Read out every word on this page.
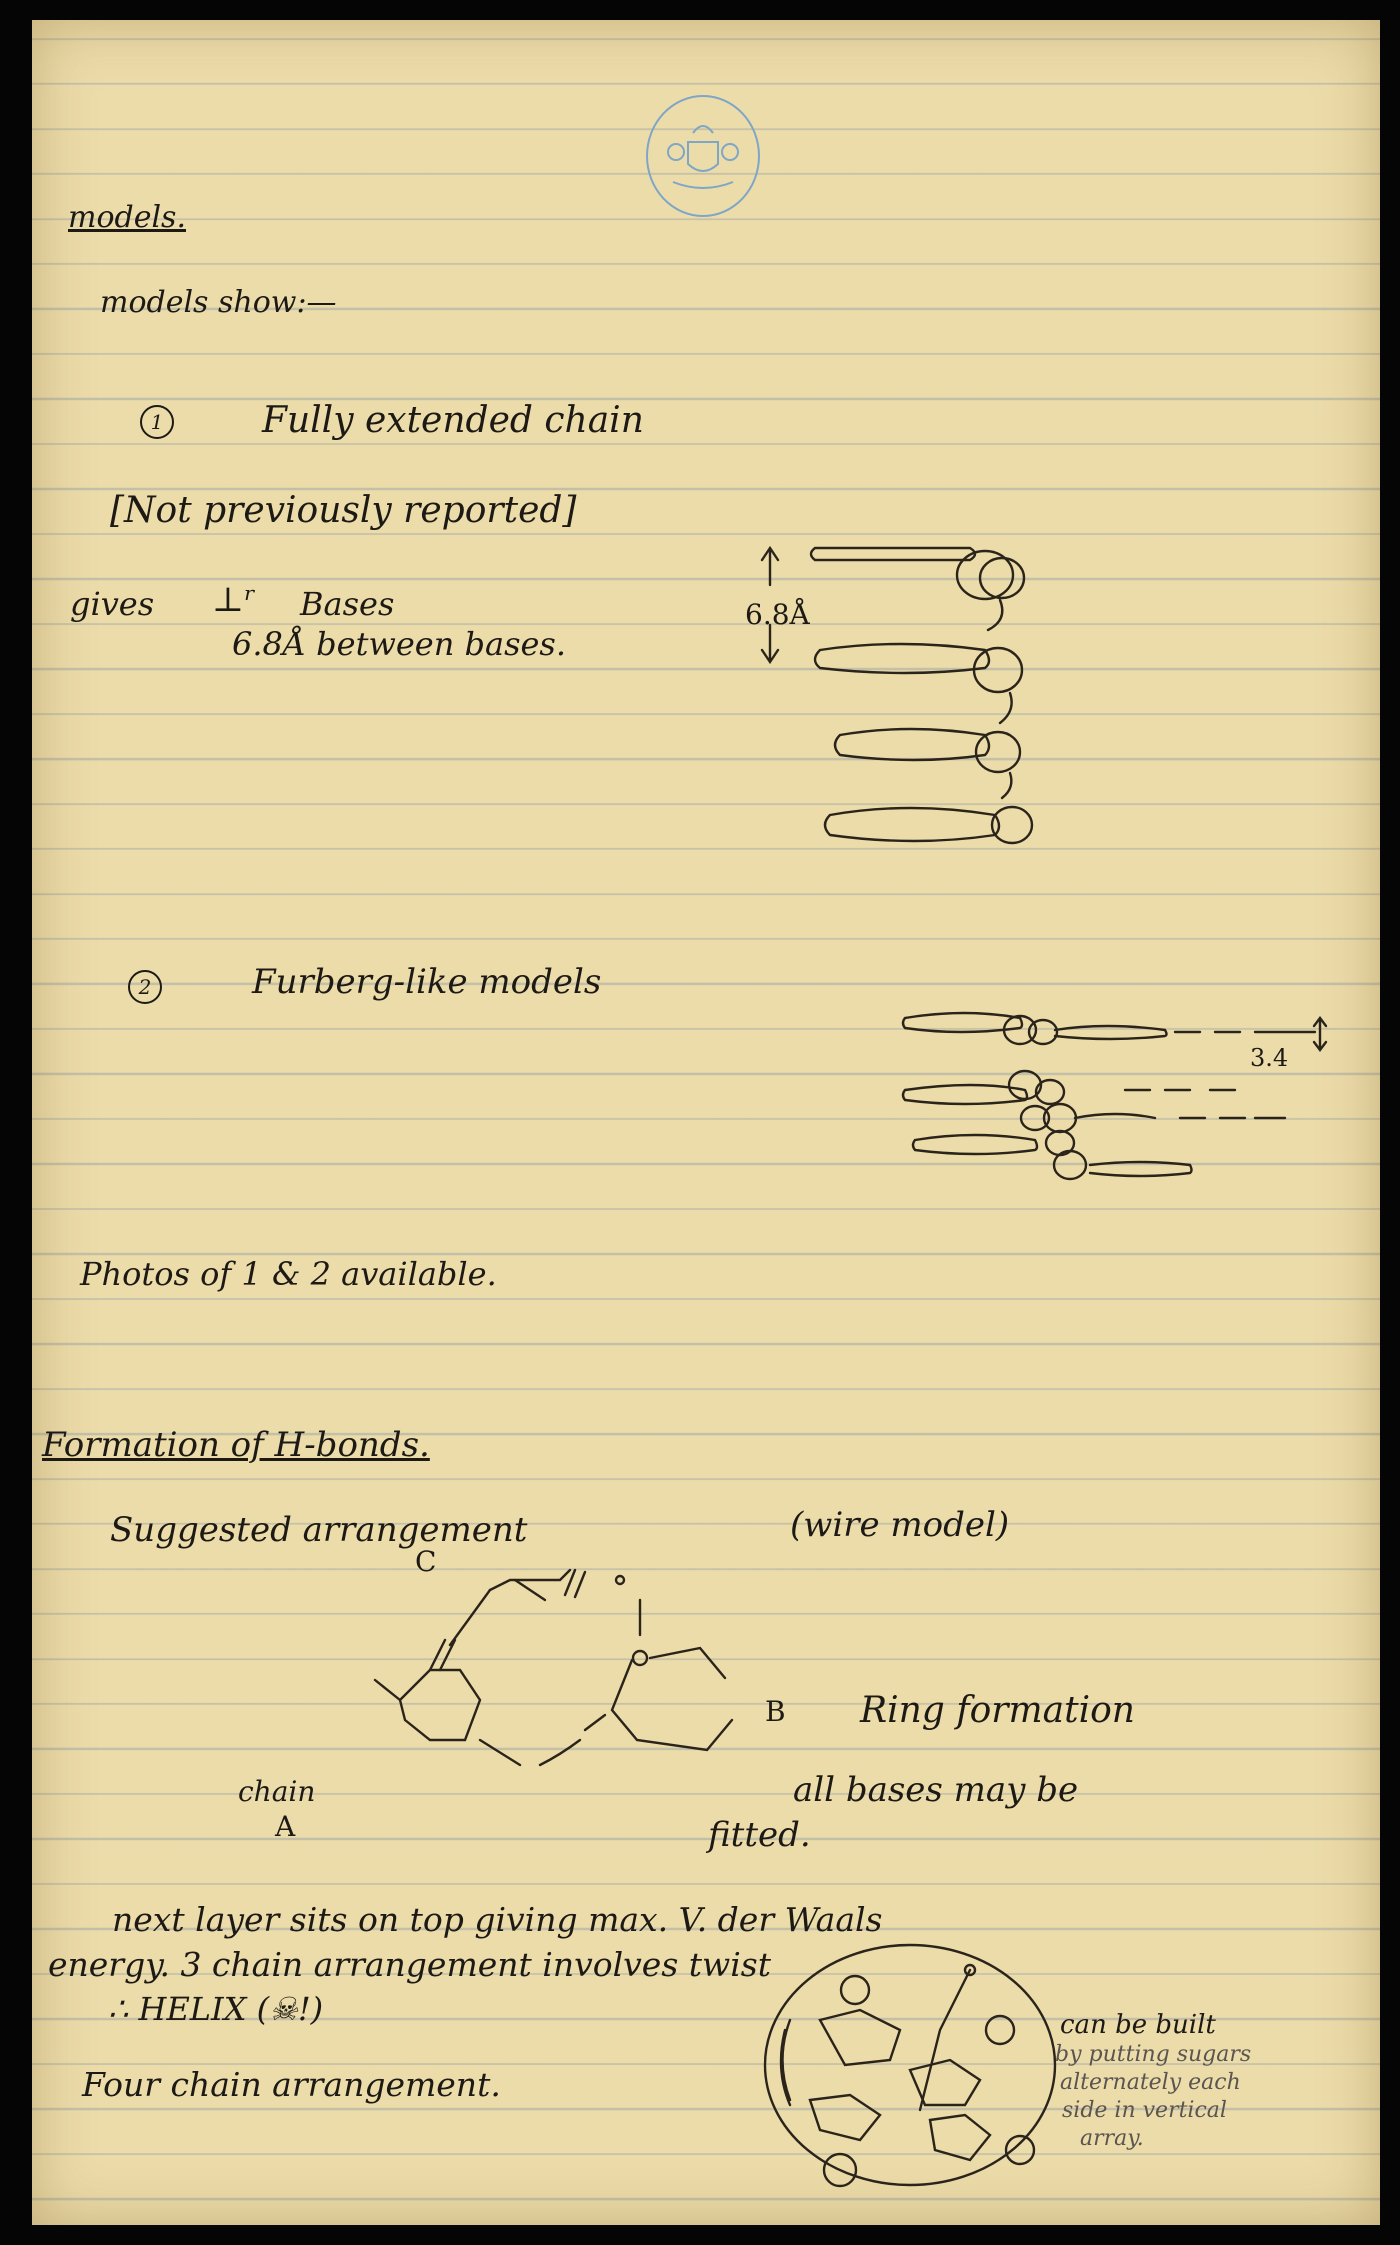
models.
models show:—
1	Fully extended chain
[Not previously reported]
gives ⊥ʳ Bases
6.8Å between bases.
6.8Å
2	Furberg-like models
3.4
Photos of 1 & 2 available.
Formation of H-bonds.
Suggested arrangement	(wire model)
C
B
A
chain
Ring formation
all bases may be
fitted.
next layer sits on top giving max. V. der Waals
energy. 3 chain arrangement involves twist
∴ HELIX (☠!)
Four chain arrangement.
can be built
by putting sugars
alternately each
side in vertical
array.
